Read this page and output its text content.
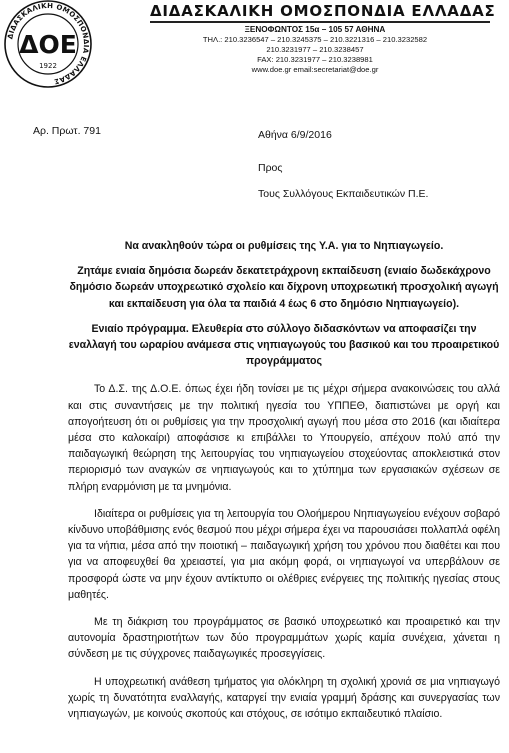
ΔΙΔΑΣΚΑΛΙΚΗ ΟΜΟΣΠΟΝΔΙΑ ΕΛΛΑΔΑΣ
ΔΟΕ
1922
ΔΙΔΑΣΚΑΛΙΚΗ ΟΜΟΣΠΟΝΔΙΑ ΕΛΛΑΔΑΣ
ΞΕΝΟΦΩΝΤΟΣ 15α – 105 57 ΑΘΗΝΑ
ΤΗΛ.: 210.3236547 – 210.3245375 – 210.3221316 – 210.3232582
210.3231977 – 210.3238457
FAX: 210.3231977 – 210.3238981
www.doe.gr email:secretariat@doe.gr
Αρ. Πρωτ. 791	Αθήνα 6/9/2016
Προς
Τους Συλλόγους Εκπαιδευτικών Π.Ε.

Να ανακληθούν τώρα οι ρυθμίσεις της Υ.Α. για το Νηπιαγωγείο.

Ζητάμε ενιαία δημόσια δωρεάν δεκατετράχρονη εκπαίδευση (ενιαίο δωδεκάχρονο δημόσιο δωρεάν υποχρεωτικό σχολείο και δίχρονη υποχρεωτική προσχολική αγωγή και εκπαίδευση για όλα τα παιδιά 4 έως 6 στο δημόσιο Νηπιαγωγείο).

Ενιαίο πρόγραμμα. Ελευθερία στο σύλλογο διδασκόντων να αποφασίζει την εναλλαγή του ωραρίου ανάμεσα στις νηπιαγωγούς του βασικού και του προαιρετικού προγράμματος

Το Δ.Σ. της Δ.Ο.Ε. όπως έχει ήδη τονίσει με τις μέχρι σήμερα ανακοινώσεις του αλλά και στις συναντήσεις με την πολιτική ηγεσία του ΥΠΠΕΘ, διαπιστώνει με οργή και απογοήτευση ότι οι ρυθμίσεις για την προσχολική αγωγή που μέσα στο 2016 (και ιδιαίτερα μέσα στο καλοκαίρι) αποφάσισε κι επιβάλλει το Υπουργείο, απέχουν πολύ από την παιδαγωγική θεώρηση της λειτουργίας του νηπιαγωγείου στοχεύοντας αποκλειστικά στον περιορισμό των αναγκών σε νηπιαγωγούς και το χτύπημα των εργασιακών σχέσεων σε πλήρη εναρμόνιση με τα μνημόνια.

Ιδιαίτερα οι ρυθμίσεις για τη λειτουργία του Ολοήμερου Νηπιαγωγείου ενέχουν σοβαρό κίνδυνο υποβάθμισης ενός θεσμού που μέχρι σήμερα έχει να παρουσιάσει πολλαπλά οφέλη για τα νήπια, μέσα από την ποιοτική – παιδαγωγική χρήση του χρόνου που διαθέτει και που για να αποφευχθεί θα χρειαστεί, για μια ακόμη φορά, οι νηπιαγωγοί να υπερβάλουν σε προσφορά ώστε να μην έχουν αντίκτυπο οι ολέθριες ενέργειες της πολιτικής ηγεσίας στους μαθητές.

Με τη διάκριση του προγράμματος σε βασικό υποχρεωτικό και προαιρετικό και την αυτονομία δραστηριοτήτων των δύο προγραμμάτων χωρίς καμία συνέχεια, χάνεται η σύνδεση με τις σύγχρονες παιδαγωγικές προσεγγίσεις.

Η υποχρεωτική ανάθεση τμήματος για ολόκληρη τη σχολική χρονιά σε μια νηπιαγωγό χωρίς τη δυνατότητα εναλλαγής, καταργεί την ενιαία γραμμή δράσης και συνεργασίας των νηπιαγωγών, με κοινούς σκοπούς και στόχους, σε ισότιμο εκπαιδευτικό πλαίσιο.
